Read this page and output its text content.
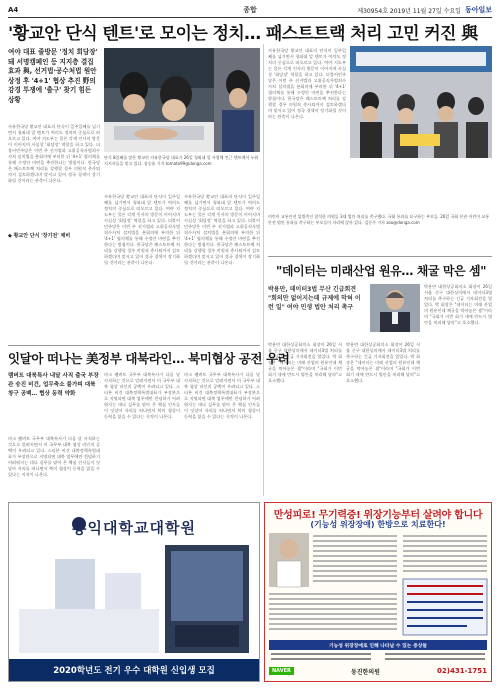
A4	종합	제30954호 2019년 11월 27일 수요일 동아일보
'황교안 단식 텐트'로 모이는 정치… 패스트트랙 처리 고민 커진 與
여야 대표 줄방문 '정치 회담장' 돼 서명캠페인 등 지지층 결집 효과 與, 선거법·공수처법 원안 상정 후 '4+1' 협상 추진 野의 강경 투쟁에 '출구' 찾기 힘든 상황
자유한국당 황교안 대표의 단식이 일주일째를 넘기면서 청와대 앞 텐트가 여의도 정치의 중심으로 떠오르고 있다. 여야 지도부는 물론 각계 인사의 방문이 이어지며 사실상 '회담장' 역할을 하고 있다. 더불어민주당은 이번 주 선거법과 고위공직자범죄수사처 설치법을 본회의에 부의한 뒤 '4+1' 협의체를 통해 수정안 마련을 추진한다는 방침이다. 한국당은 패스트트랙 처리를 강행할 경우 의원직 총사퇴까지 검토하겠다며 맞서고 있어 정국 경색이 장기화될 것이라는 관측이 나온다.
◆ 황교안 단식 '장기전' 채비
단식 8일째를 맞은 황교안 자유한국당 대표가 26일 청와대 앞 사랑채 인근 텐트에서 누워 지지자들을 맞고 있다. 장승윤 기자 tomato99@donga.com
자유한국당 황교안 대표의 단식이 일주일째를 넘기면서 청와대 앞 텐트가 여의도 정치의 중심으로 떠오르고 있다. 여야 지도부는 물론 각계 인사의 방문이 이어지며 사실상 '회담장' 역할을 하고 있다. 더불어민주당은 이번 주 선거법과 고위공직자범죄수사처 설치법을 본회의에 부의한 뒤 '4+1' 협의체를 통해 수정안 마련을 추진한다는 방침이다. 한국당은 패스트트랙 처리를 강행할 경우 의원직 총사퇴까지 검토하겠다며 맞서고 있어 정국 경색이 장기화될 것이라는 관측이 나온다.
자유한국당 황교안 대표의 단식이 일주일째를 넘기면서 청와대 앞 텐트가 여의도 정치의 중심으로 떠오르고 있다. 여야 지도부는 물론 각계 인사의 방문이 이어지며 사실상 '회담장' 역할을 하고 있다. 더불어민주당은 이번 주 선거법과 고위공직자범죄수사처 설치법을 본회의에 부의한 뒤 '4+1' 협의체를 통해 수정안 마련을 추진한다는 방침이다. 한국당은 패스트트랙 처리를 강행할 경우 의원직 총사퇴까지 검토하겠다며 맞서고 있어 정국 경색이 장기화될 것이라는 관측이 나온다.
자유한국당 황교안 대표의 단식이 일주일째를 넘기면서 청와대 앞 텐트가 여의도 정치의 중심으로 떠오르고 있다. 여야 지도부는 물론 각계 인사의 방문이 이어지며 사실상 '회담장' 역할을 하고 있다. 더불어민주당은 이번 주 선거법과 고위공직자범죄수사처 설치법을 본회의에 부의한 뒤 '4+1' 협의체를 통해 수정안 마련을 추진한다는 방침이다. 한국당은 패스트트랙 처리를 강행할 경우 의원직 총사퇴까지 검토하겠다며 맞서고 있어 정국 경색이 장기화될 것이라는 관측이 나온다.
어린이 교통안전 입법촉진 참석한 의원들 3대 법안 처리를 촉구했다. 국회 통과를 요구하는 부모들. 26일 국회 본관 어린이 교통안전 법안 통과를 촉구하는 부모들이 자리에 앉아 있다. 김동주 기자 zoo@donga.com
"데이터는 미래산업 원유… 채굴 막은 셈"
박용만, 데이터3법 무산 긴급회견 "회의만 없어지는데 규제에 막혀 이런 일" 여야 민생 법안 처리 촉구
박용만 대한상공회의소 회장이 26일 서울 중구 대한상의에서 데이터3법 처리를 촉구하는 긴급 기자회견을 열었다. 박 회장은 "데이터는 미래 산업의 원유인데 채굴을 막아놓은 셈"이라며 "국회가 이번 회기 내에 반드시 법안을 처리해 달라"고 호소했다.
박용만 대한상공회의소 회장이 26일 서울 중구 대한상의에서 데이터3법 처리를 촉구하는 긴급 기자회견을 열었다. 박 회장은 "데이터는 미래 산업의 원유인데 채굴을 막아놓은 셈"이라며 "국회가 이번 회기 내에 반드시 법안을 처리해 달라"고 호소했다.
박용만 대한상공회의소 회장이 26일 서울 중구 대한상의에서 데이터3법 처리를 촉구하는 긴급 기자회견을 열었다. 박 회장은 "데이터는 미래 산업의 원유인데 채굴을 막아놓은 셈"이라며 "국회가 이번 회기 내에 반드시 법안을 처리해 달라"고 호소했다.
잇달아 떠나는 美정부 대북라인… 북미협상 공전 우려
램버트 대북특사 내달 사직 출국 부장관 승진 비건, 업무축소 불가피 대북 창구 공백… 협상 동력 약화
마크 램버트 국무부 대북특사가 다음 달 사직하는 것으로 알려지면서 미 국무부 대북 협상 라인의 공백이 우려되고 있다. 스티븐 비건 대북정책특별대표가 부장관으로 지명되면 대북 업무에만 전념하기 어려워지는 데다 실무를 맡아 온 핵심 인사들이 잇달아 자리를 떠나면서 북미 협상이 동력을 잃을 수 있다는 지적이 나온다.
마크 램버트 국무부 대북특사가 다음 달 사직하는 것으로 알려지면서 미 국무부 대북 협상 라인의 공백이 우려되고 있다. 스티븐 비건 대북정책특별대표가 부장관으로 지명되면 대북 업무에만 전념하기 어려워지는 데다 실무를 맡아 온 핵심 인사들이 잇달아 자리를 떠나면서 북미 협상이 동력을 잃을 수 있다는 지적이 나온다.
마크 램버트 국무부 대북특사가 다음 달 사직하는 것으로 알려지면서 미 국무부 대북 협상 라인의 공백이 우려되고 있다. 스티븐 비건 대북정책특별대표가 부장관으로 지명되면 대북 업무에만 전념하기 어려워지는 데다 실무를 맡아 온 핵심 인사들이 잇달아 자리를 떠나면서 북미 협상이 동력을 잃을 수 있다는 지적이 나온다.
홍익대학교대학원
2020학년도 전기 우수 대학원 신입생 모집
만성피로! 무기력증! 위장기능부터 살려야 합니다
(기능성 위장장애) 한방으로 치료한다!
기능성 위장장애로 인해 나타날 수 있는 증상들
NAVER	동진한의원	02)431-1751
